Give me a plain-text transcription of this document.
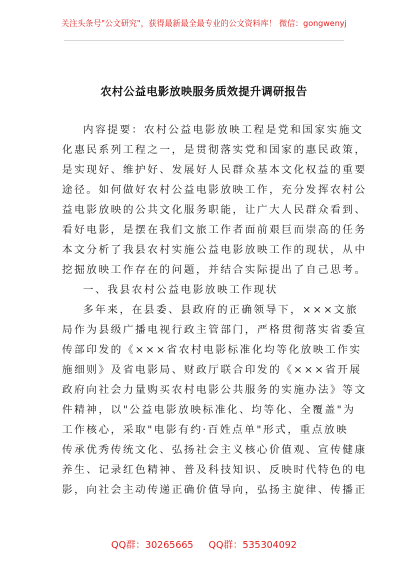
关注头条号"公文研究"，获得最新最全最专业的公文资料库！ 微信：gongwenyj
农村公益电影放映服务质效提升调研报告
内容提要：农村公益电影放映工程是党和国家实施文
化惠民系列工程之一，是贯彻落实党和国家的惠民政策，
是实现好、维护好、发展好人民群众基本文化权益的重要
途径。如何做好农村公益电影放映工作，充分发挥农村公
益电影放映的公共文化服务职能，让广大人民群众看到、
看好电影，是摆在我们文旅工作者面前艰巨而崇高的任务
本文分析了我县农村实施公益电影放映工作的现状，从中
挖掘放映工作存在的问题，并结合实际提出了自己思考。
一、我县农村公益电影放映工作现状
多年来，在县委、县政府的正确领导下，×××文旅
局作为县级广播电视行政主管部门，严格贯彻落实省委宣
传部印发的《×××省农村电影标准化均等化放映工作实
施细则》及省电影局、财政厅联合印发的《×××省开展
政府向社会力量购买农村电影公共服务的实施办法》等文
件精神，以"公益电影放映标准化、均等化、全覆盖"为
工作核心，采取"电影有约·百姓点单"形式，重点放映
传承优秀传统文化、弘扬社会主义核心价值观、宣传健康
养生、记录红色精神、普及科技知识、反映时代特色的电
影，向社会主动传递正确价值导向，弘扬主旋律、传播正
QQ群：30265665 QQ群：535304092
